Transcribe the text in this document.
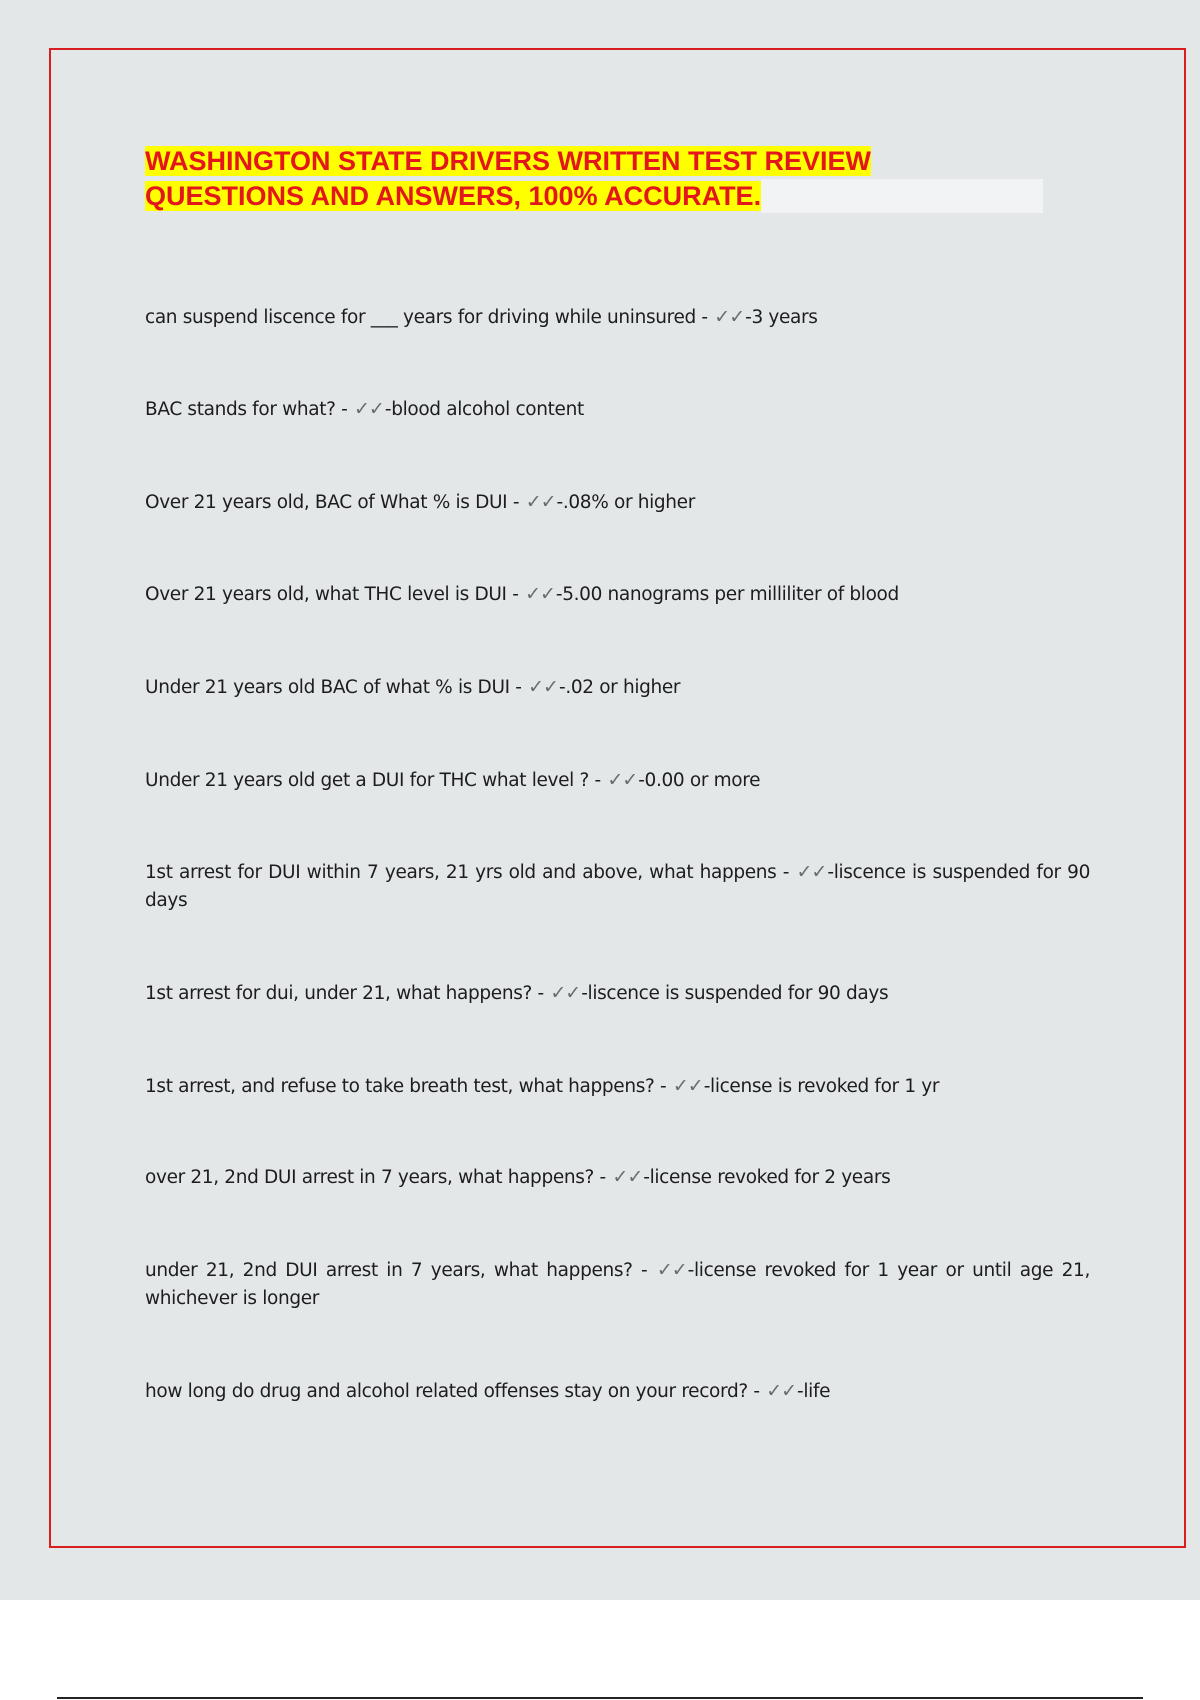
WASHINGTON STATE DRIVERS WRITTEN TEST REVIEW
QUESTIONS AND ANSWERS, 100% ACCURATE.
can suspend liscence for ___ years for driving while uninsured - ✓✓-3 years
BAC stands for what? - ✓✓-blood alcohol content
Over 21 years old, BAC of What % is DUI - ✓✓-.08% or higher
Over 21 years old, what THC level is DUI - ✓✓-5.00 nanograms per milliliter of blood
Under 21 years old BAC of what % is DUI - ✓✓-.02 or higher
Under 21 years old get a DUI for THC what level ? - ✓✓-0.00 or more
1st arrest for DUI within 7 years, 21 yrs old and above, what happens - ✓✓-liscence is suspended for 90 days
1st arrest for dui, under 21, what happens? - ✓✓-liscence is suspended for 90 days
1st arrest, and refuse to take breath test, what happens? - ✓✓-license is revoked for 1 yr
over 21, 2nd DUI arrest in 7 years, what happens? - ✓✓-license revoked for 2 years
under 21, 2nd DUI arrest in 7 years, what happens? - ✓✓-license revoked for 1 year or until age 21, whichever is longer
how long do drug and alcohol related offenses stay on your record? - ✓✓-life
